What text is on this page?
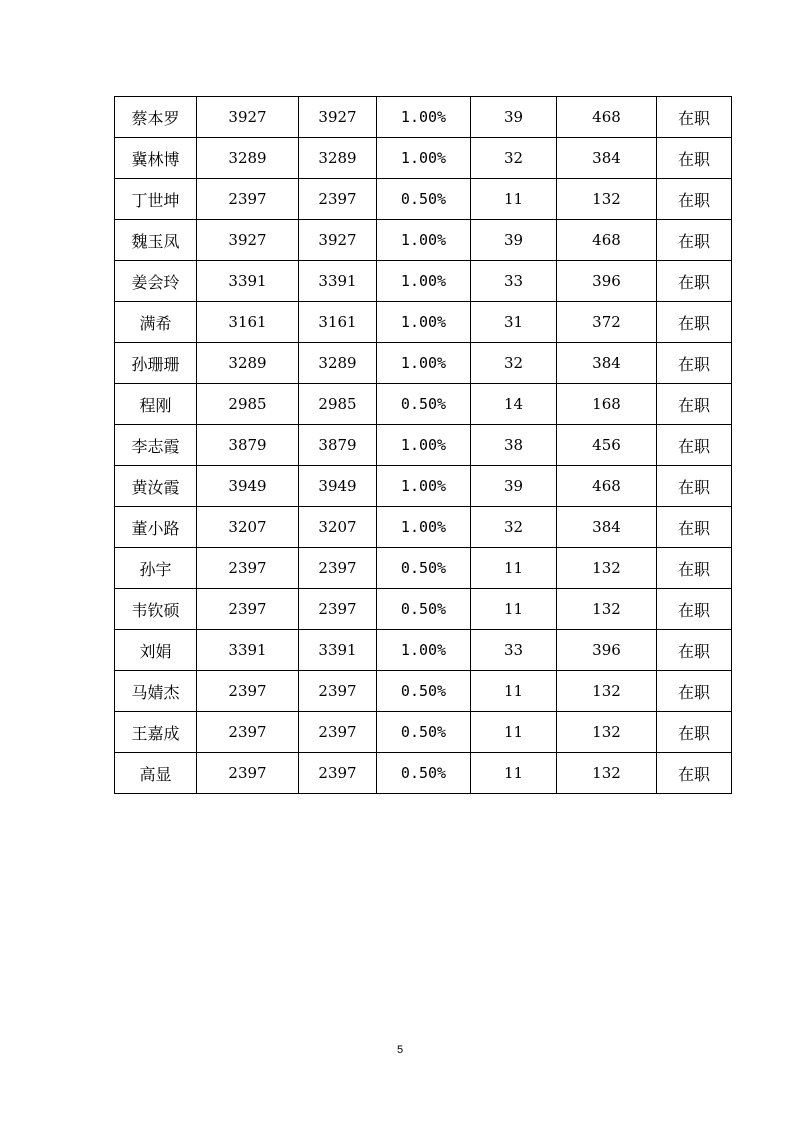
蔡本罗	3927	3927	1.00%	39	468	在职
冀林博	3289	3289	1.00%	32	384	在职
丁世坤	2397	2397	0.50%	11	132	在职
魏玉凤	3927	3927	1.00%	39	468	在职
姜会玲	3391	3391	1.00%	33	396	在职
满希	3161	3161	1.00%	31	372	在职
孙珊珊	3289	3289	1.00%	32	384	在职
程刚	2985	2985	0.50%	14	168	在职
李志霞	3879	3879	1.00%	38	456	在职
黄汝霞	3949	3949	1.00%	39	468	在职
董小路	3207	3207	1.00%	32	384	在职
孙宇	2397	2397	0.50%	11	132	在职
韦钦硕	2397	2397	0.50%	11	132	在职
刘娟	3391	3391	1.00%	33	396	在职
马婧杰	2397	2397	0.50%	11	132	在职
王嘉成	2397	2397	0.50%	11	132	在职
高显	2397	2397	0.50%	11	132	在职
5
